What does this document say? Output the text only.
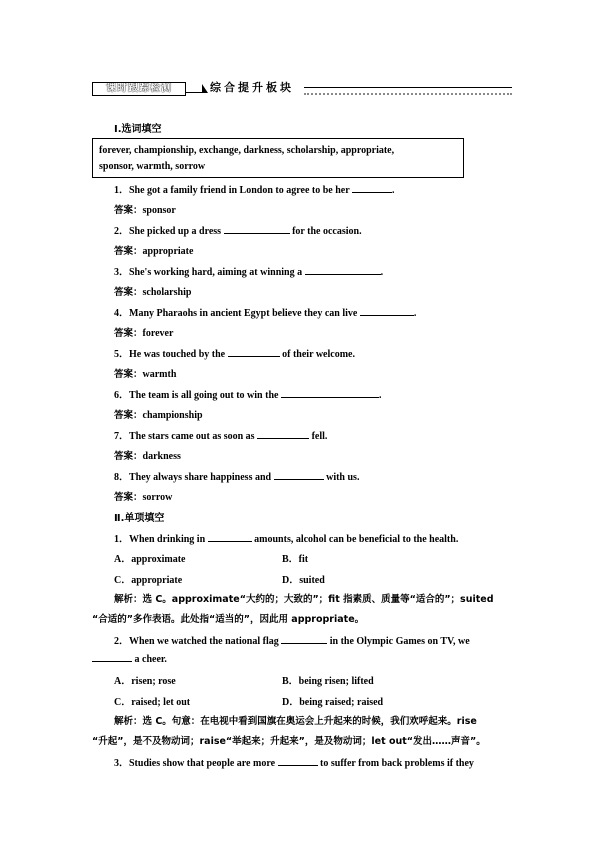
课时跟踪检测	综合提升板块
Ⅰ.选词填空
forever, championship, exchange, darkness, scholarship, appropriate,
sponsor, warmth, sorrow
1．She got a family friend in London to agree to be her	.
答案：sponsor
2．She picked up a dress	for the occasion.
答案：appropriate
3．She's working hard, aiming at winning a	.
答案：scholarship
4．Many Pharaohs in ancient Egypt believe they can live	.
答案：forever
5．He was touched by the	of their welcome.
答案：warmth
6．The team is all going out to win the	.
答案：championship
7．The stars came out as soon as	fell.
答案：darkness
8．They always share happiness and	with us.
答案：sorrow
Ⅱ.单项填空
1．When drinking in	amounts, alcohol can be beneficial to the health.
A．approximate	B．fit
C．appropriate	D．suited
解析：选 C。approximate“大约的；大致的”；fit 指素质、质量等“适合的”；suited
“合适的”多作表语。此处指“适当的”，因此用 appropriate。
2．When we watched the national flag	in the Olympic Games on TV, we
a cheer.
A．risen; rose	B．being risen; lifted
C．raised; let out	D．being raised; raised
解析：选 C。句意：在电视中看到国旗在奥运会上升起来的时候，我们欢呼起来。rise
“升起”，是不及物动词；raise“举起来；升起来”，是及物动词；let out“发出……声音”。
3．Studies show that people are more	to suffer from back problems if they
